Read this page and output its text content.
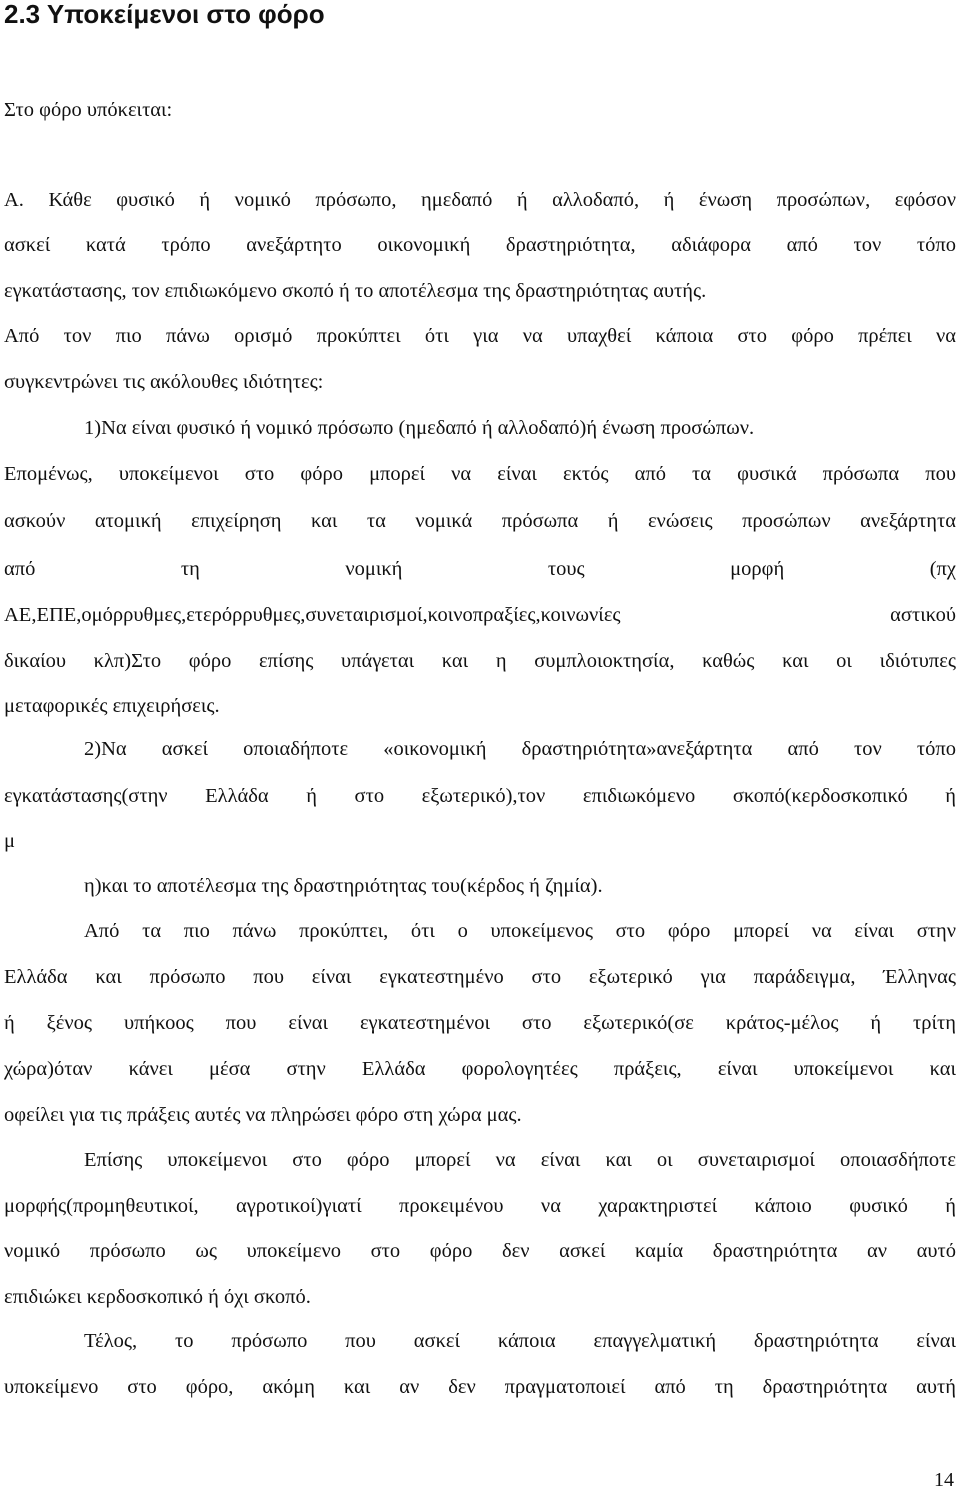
2.3 Υποκείμενοι στο φόρο
Στο φόρο υπόκειται:
Α. Κάθε φυσικό ή νομικό πρόσωπο, ημεδαπό ή αλλοδαπό, ή ένωση προσώπων, εφόσον
ασκεί κατά τρόπο ανεξάρτητο οικονομική δραστηριότητα, αδιάφορα από τον τόπο
εγκατάστασης, τον επιδιωκόμενο σκοπό ή το αποτέλεσμα της δραστηριότητας αυτής.
Από τον πιο πάνω ορισμό προκύπτει ότι για να υπαχθεί κάποια στο φόρο πρέπει να
συγκεντρώνει τις ακόλουθες ιδιότητες:
1)Να είναι φυσικό ή νομικό πρόσωπο (ημεδαπό ή αλλοδαπό)ή ένωση προσώπων.
Επομένως, υποκείμενοι στο φόρο μπορεί να είναι εκτός από τα φυσικά πρόσωπα που
ασκούν ατομική επιχείρηση και τα νομικά πρόσωπα ή ενώσεις προσώπων ανεξάρτητα
από τη νομική τους μορφή (πχ
ΑΕ,ΕΠΕ,ομόρρυθμες,ετερόρρυθμες,συνεταιρισμοί,κοινοπραξίες,κοινωνίες αστικού
δικαίου κλπ)Στο φόρο επίσης υπάγεται και η συμπλοιοκτησία, καθώς και οι ιδιότυπες
μεταφορικές επιχειρήσεις.
2)Να ασκεί οποιαδήποτε «οικονομική δραστηριότητα»ανεξάρτητα από τον τόπο
εγκατάστασης(στην Ελλάδα ή στο εξωτερικό),τον επιδιωκόμενο σκοπό(κερδοσκοπικό ή
μ
η)και το αποτέλεσμα της δραστηριότητας του(κέρδος ή ζημία).
Από τα πιο πάνω προκύπτει, ότι ο υποκείμενος στο φόρο μπορεί να είναι στην
Ελλάδα και πρόσωπο που είναι εγκατεστημένο στο εξωτερικό για παράδειγμα, Έλληνας
ή ξένος υπήκοος που είναι εγκατεστημένοι στο εξωτερικό(σε κράτος-μέλος ή τρίτη
χώρα)όταν κάνει μέσα στην Ελλάδα φορολογητέες πράξεις, είναι υποκείμενοι και
οφείλει για τις πράξεις αυτές να πληρώσει φόρο στη χώρα μας.
Επίσης υποκείμενοι στο φόρο μπορεί να είναι και οι συνεταιρισμοί οποιασδήποτε
μορφής(προμηθευτικοί, αγροτικοί)γιατί προκειμένου να χαρακτηριστεί κάποιο φυσικό ή
νομικό πρόσωπο ως υποκείμενο στο φόρο δεν ασκεί καμία δραστηριότητα αν αυτό
επιδιώκει κερδοσκοπικό ή όχι σκοπό.
Τέλος, το πρόσωπο που ασκεί κάποια επαγγελματική δραστηριότητα είναι
υποκείμενο στο φόρο, ακόμη και αν δεν πραγματοποιεί από τη δραστηριότητα αυτή
14
